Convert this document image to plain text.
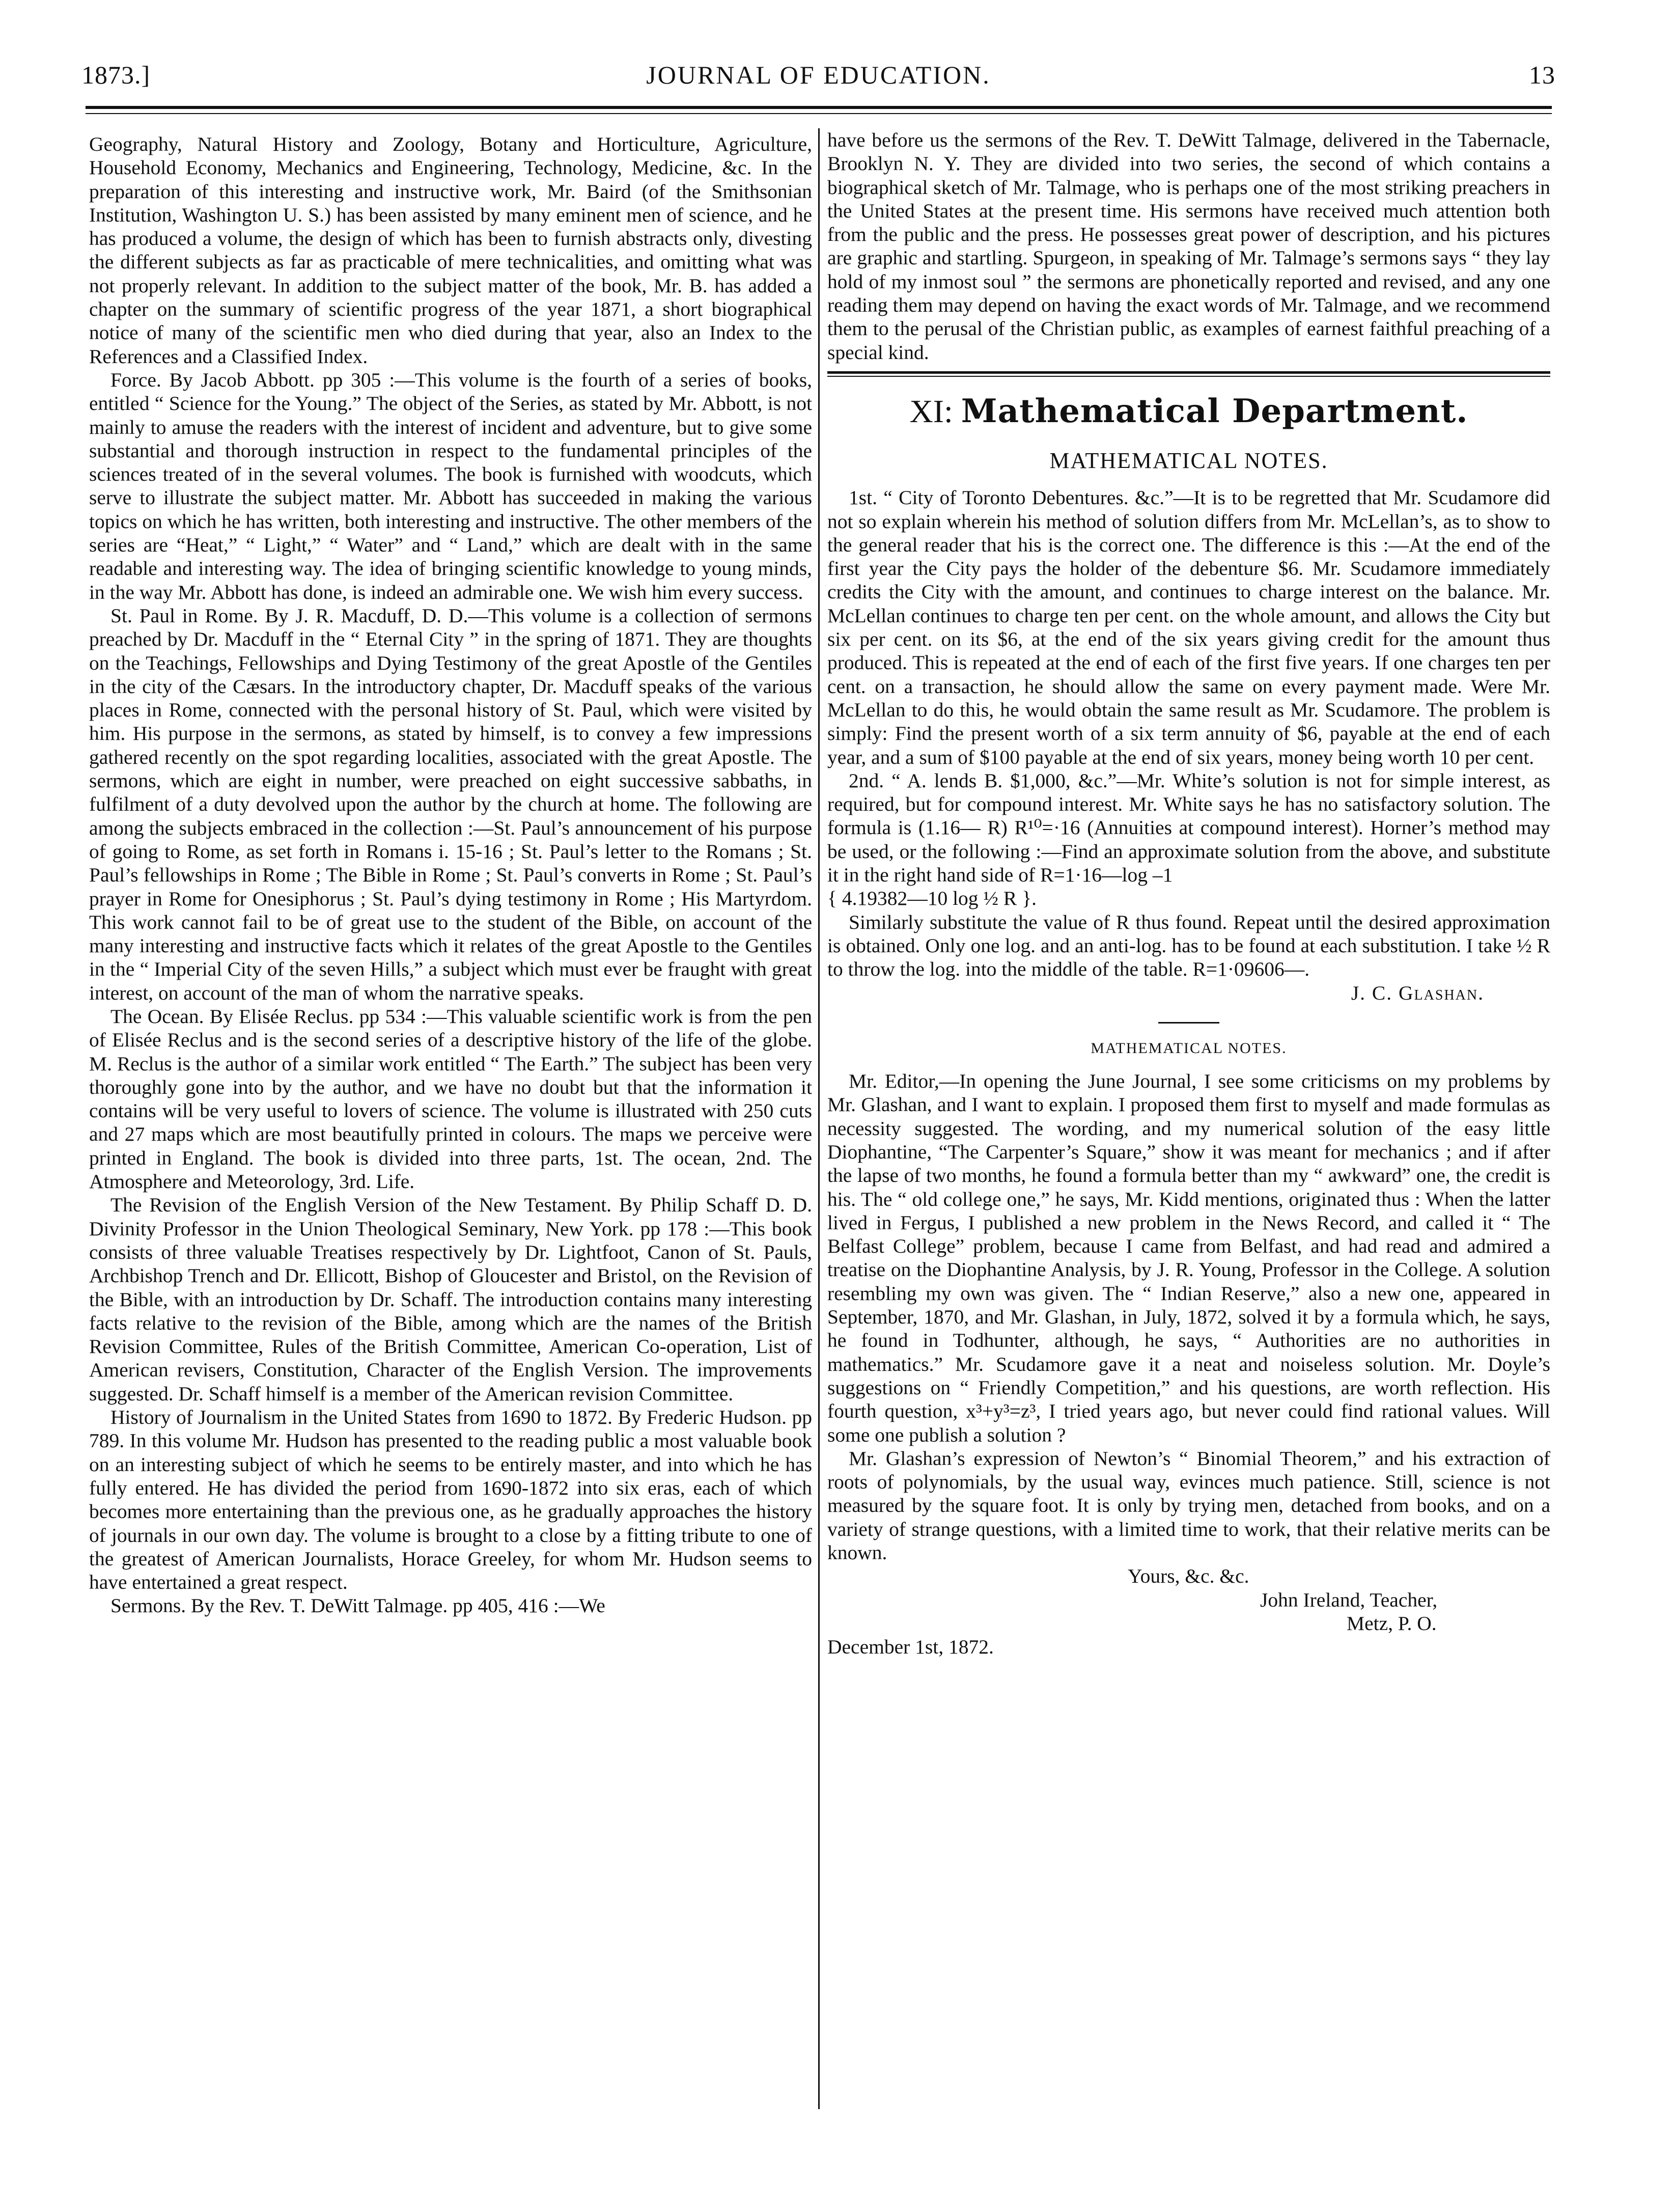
1873.]	JOURNAL OF EDUCATION.	13

Geography, Natural History and Zoology, Botany and Horticulture, Agriculture, Household Economy, Mechanics and Engineering, Technology, Medicine, &c. In the preparation of this interesting and instructive work, Mr. Baird (of the Smithsonian Institution, Washington U. S.) has been assisted by many eminent men of science, and he has produced a volume, the design of which has been to furnish abstracts only, divesting the different subjects as far as practicable of mere technicalities, and omitting what was not properly relevant. In addition to the subject matter of the book, Mr. B. has added a chapter on the summary of scientific progress of the year 1871, a short biographical notice of many of the scientific men who died during that year, also an Index to the References and a Classified Index.

Force. By Jacob Abbott. pp 305 :—This volume is the fourth of a series of books, entitled “ Science for the Young.” The object of the Series, as stated by Mr. Abbott, is not mainly to amuse the readers with the interest of incident and adventure, but to give some substantial and thorough instruction in respect to the fundamental principles of the sciences treated of in the several volumes. The book is furnished with woodcuts, which serve to illustrate the subject matter. Mr. Abbott has succeeded in making the various topics on which he has written, both interesting and instructive. The other members of the series are “Heat,” “ Light,” “ Water” and “ Land,” which are dealt with in the same readable and interesting way. The idea of bringing scientific knowledge to young minds, in the way Mr. Abbott has done, is indeed an admirable one. We wish him every success.

St. Paul in Rome. By J. R. Macduff, D. D.—This volume is a collection of sermons preached by Dr. Macduff in the “ Eternal City ” in the spring of 1871. They are thoughts on the Teachings, Fellowships and Dying Testimony of the great Apostle of the Gentiles in the city of the Cæsars. In the introductory chapter, Dr. Macduff speaks of the various places in Rome, connected with the personal history of St. Paul, which were visited by him. His purpose in the sermons, as stated by himself, is to convey a few impressions gathered recently on the spot regarding localities, associated with the great Apostle. The sermons, which are eight in number, were preached on eight successive sabbaths, in fulfilment of a duty devolved upon the author by the church at home. The following are among the subjects embraced in the collection :—St. Paul’s announcement of his purpose of going to Rome, as set forth in Romans i. 15-16 ; St. Paul’s letter to the Romans ; St. Paul’s fellowships in Rome ; The Bible in Rome ; St. Paul’s converts in Rome ; St. Paul’s prayer in Rome for Onesiphorus ; St. Paul’s dying testimony in Rome ; His Martyrdom. This work cannot fail to be of great use to the student of the Bible, on account of the many interesting and instructive facts which it relates of the great Apostle to the Gentiles in the “ Imperial City of the seven Hills,” a subject which must ever be fraught with great interest, on account of the man of whom the narrative speaks.

The Ocean. By Elisée Reclus. pp 534 :—This valuable scientific work is from the pen of Elisée Reclus and is the second series of a descriptive history of the life of the globe. M. Reclus is the author of a similar work entitled “ The Earth.” The subject has been very thoroughly gone into by the author, and we have no doubt but that the information it contains will be very useful to lovers of science. The volume is illustrated with 250 cuts and 27 maps which are most beautifully printed in colours. The maps we perceive were printed in England. The book is divided into three parts, 1st. The ocean, 2nd. The Atmosphere and Meteorology, 3rd. Life.

The Revision of the English Version of the New Testament. By Philip Schaff D. D. Divinity Professor in the Union Theological Seminary, New York. pp 178 :—This book consists of three valuable Treatises respectively by Dr. Lightfoot, Canon of St. Pauls, Archbishop Trench and Dr. Ellicott, Bishop of Gloucester and Bristol, on the Revision of the Bible, with an introduction by Dr. Schaff. The introduction contains many interesting facts relative to the revision of the Bible, among which are the names of the British Revision Committee, Rules of the British Committee, American Co-operation, List of American revisers, Constitution, Character of the English Version. The improvements suggested. Dr. Schaff himself is a member of the American revision Committee.

History of Journalism in the United States from 1690 to 1872. By Frederic Hudson. pp 789. In this volume Mr. Hudson has presented to the reading public a most valuable book on an interesting subject of which he seems to be entirely master, and into which he has fully entered. He has divided the period from 1690-1872 into six eras, each of which becomes more entertaining than the previous one, as he gradually approaches the history of journals in our own day. The volume is brought to a close by a fitting tribute to one of the greatest of American Journalists, Horace Greeley, for whom Mr. Hudson seems to have entertained a great respect.

Sermons. By the Rev. T. DeWitt Talmage. pp 405, 416 :—We

have before us the sermons of the Rev. T. DeWitt Talmage, delivered in the Tabernacle, Brooklyn N. Y. They are divided into two series, the second of which contains a biographical sketch of Mr. Talmage, who is perhaps one of the most striking preachers in the United States at the present time. His sermons have received much attention both from the public and the press. He possesses great power of description, and his pictures are graphic and startling. Spurgeon, in speaking of Mr. Talmage’s sermons says “ they lay hold of my inmost soul ” the sermons are phonetically reported and revised, and any one reading them may depend on having the exact words of Mr. Talmage, and we recommend them to the perusal of the Christian public, as examples of earnest faithful preaching of a special kind.

XI: Mathematical Department.
MATHEMATICAL NOTES.

1st. “ City of Toronto Debentures. &c.”—It is to be regretted that Mr. Scudamore did not so explain wherein his method of solution differs from Mr. McLellan’s, as to show to the general reader that his is the correct one. The difference is this :—At the end of the first year the City pays the holder of the debenture $6. Mr. Scudamore immediately credits the City with the amount, and continues to charge interest on the balance. Mr. McLellan continues to charge ten per cent. on the whole amount, and allows the City but six per cent. on its $6, at the end of the six years giving credit for the amount thus produced. This is repeated at the end of each of the first five years. If one charges ten per cent. on a transaction, he should allow the same on every payment made. Were Mr. McLellan to do this, he would obtain the same result as Mr. Scudamore. The problem is simply: Find the present worth of a six term annuity of $6, payable at the end of each year, and a sum of $100 payable at the end of six years, money being worth 10 per cent.

2nd. “ A. lends B. $1,000, &c.”—Mr. White’s solution is not for simple interest, as required, but for compound interest. Mr. White says he has no satisfactory solution. The formula is (1.16— R) R¹⁰=·16 (Annuities at compound interest). Horner’s method may be used, or the following :—Find an approximate solution from the above, and substitute it in the right hand side of R=1·16—log –1

{ 4.19382—10 log ½ R }.

Similarly substitute the value of R thus found. Repeat until the desired approximation is obtained. Only one log. and an anti-log. has to be found at each substitution. I take ½ R to throw the log. into the middle of the table. R=1·09606—.

J. C. Glashan.

MATHEMATICAL NOTES.

Mr. Editor,—In opening the June Journal, I see some criticisms on my problems by Mr. Glashan, and I want to explain. I proposed them first to myself and made formulas as necessity suggested. The wording, and my numerical solution of the easy little Diophantine, “The Carpenter’s Square,” show it was meant for mechanics ; and if after the lapse of two months, he found a formula better than my “ awkward” one, the credit is his. The “ old college one,” he says, Mr. Kidd mentions, originated thus : When the latter lived in Fergus, I published a new problem in the News Record, and called it “ The Belfast College” problem, because I came from Belfast, and had read and admired a treatise on the Diophantine Analysis, by J. R. Young, Professor in the College. A solution resembling my own was given. The “ Indian Reserve,” also a new one, appeared in September, 1870, and Mr. Glashan, in July, 1872, solved it by a formula which, he says, he found in Todhunter, although, he says, “ Authorities are no authorities in mathematics.” Mr. Scudamore gave it a neat and noiseless solution. Mr. Doyle’s suggestions on “ Friendly Competition,” and his questions, are worth reflection. His fourth question, x³+y³=z³, I tried years ago, but never could find rational values. Will some one publish a solution ?

Mr. Glashan’s expression of Newton’s “ Binomial Theorem,” and his extraction of roots of polynomials, by the usual way, evinces much patience. Still, science is not measured by the square foot. It is only by trying men, detached from books, and on a variety of strange questions, with a limited time to work, that their relative merits can be known.

Yours, &c. &c.

John Ireland, Teacher,

Metz, P. O.

December 1st, 1872.
